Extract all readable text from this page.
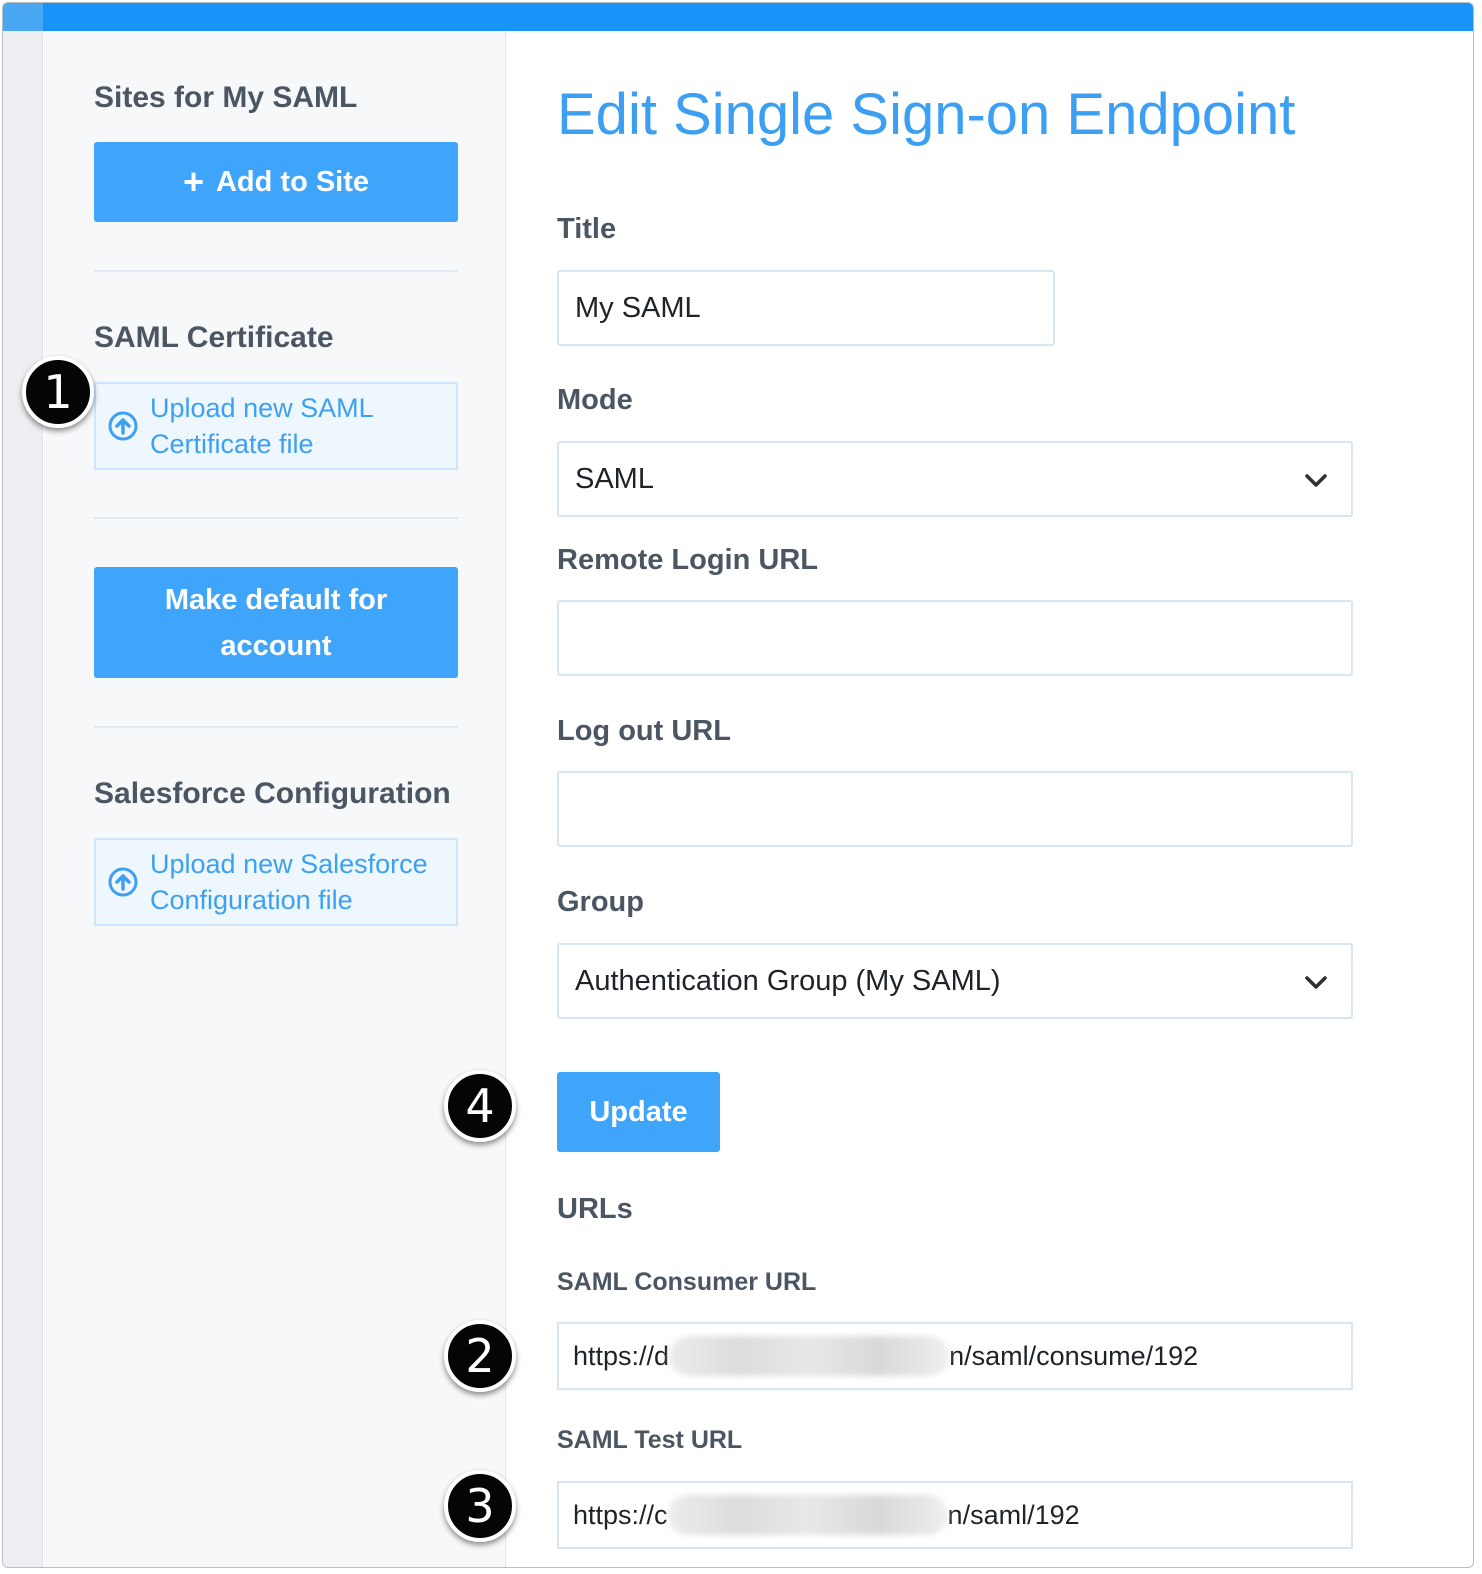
Sites for My SAML
+ Add to Site
SAML Certificate
Upload new SAML Certificate file
Make default for account
Salesforce Configuration
Upload new Salesforce Configuration file
Edit Single Sign-on Endpoint
Title
My SAML
Mode
SAML
Remote Login URL
Log out URL
Group
Authentication Group (My SAML)
Update
URLs
SAML Consumer URL
https://d	n/saml/consume/192
SAML Test URL
https://c	n/saml/192
1
2
3
4
